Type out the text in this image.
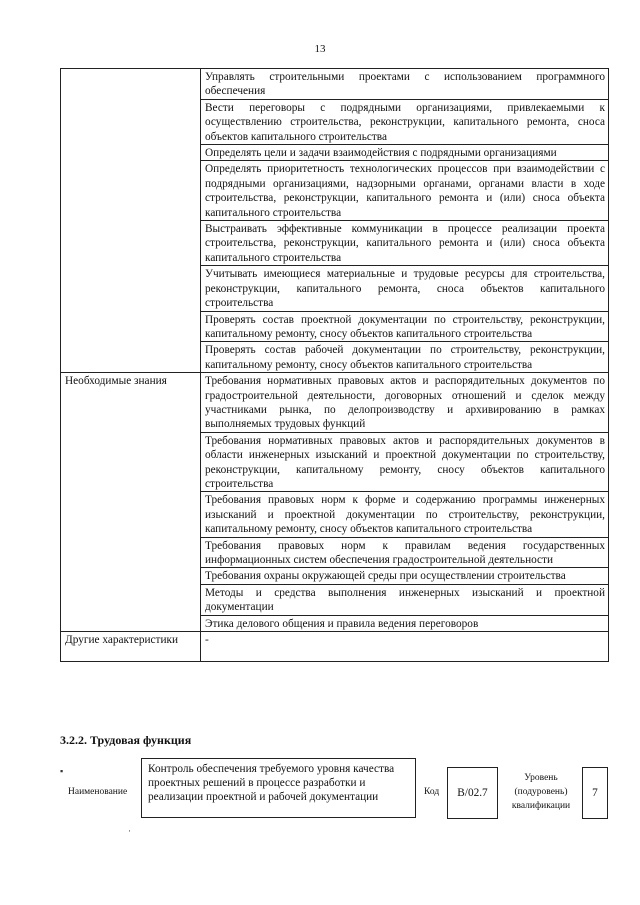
13
	Управлять строительными проектами с использованием программного обеспечения
	Вести переговоры с подрядными организациями, привлекаемыми к осуществлению строительства, реконструкции, капитального ремонта, сноса объектов капитального строительства
	Определять цели и задачи взаимодействия с подрядными организациями
	Определять приоритетность технологических процессов при взаимодействии с подрядными организациями, надзорными органами, органами власти в ходе строительства, реконструкции, капитального ремонта и (или) сноса объекта капитального строительства
	Выстраивать эффективные коммуникации в процессе реализации проекта строительства, реконструкции, капитального ремонта и (или) сноса объекта капитального строительства
	Учитывать имеющиеся материальные и трудовые ресурсы для строительства, реконструкции, капитального ремонта, сноса объектов капитального строительства
	Проверять состав проектной документации по строительству, реконструкции, капитальному ремонту, сносу объектов капитального строительства
	Проверять состав рабочей документации по строительству, реконструкции, капитальному ремонту, сносу объектов капитального строительства
Необходимые знания	Требования нормативных правовых актов и распорядительных документов по градостроительной деятельности, договорных отношений и сделок между участниками рынка, по делопроизводству и архивированию в рамках выполняемых трудовых функций
	Требования нормативных правовых актов и распорядительных документов в области инженерных изысканий и проектной документации по строительству, реконструкции, капитальному ремонту, сносу объектов капитального строительства
	Требования правовых норм к форме и содержанию программы инженерных изысканий и проектной документации по строительству, реконструкции, капитальному ремонту, сносу объектов капитального строительства
	Требования правовых норм к правилам ведения государственных информационных систем обеспечения градостроительной деятельности
	Требования охраны окружающей среды при осуществлении строительства
	Методы и средства выполнения инженерных изысканий и проектной документации
	Этика делового общения и правила ведения переговоров
Другие характеристики	-
3.2.2. Трудовая функция
▪
·
Наименование
Контроль обеспечения требуемого уровня качества проектных решений в процессе разработки и реализации проектной и рабочей документации	Код	B/02.7
Уровень (подуровень) квалификации
7
